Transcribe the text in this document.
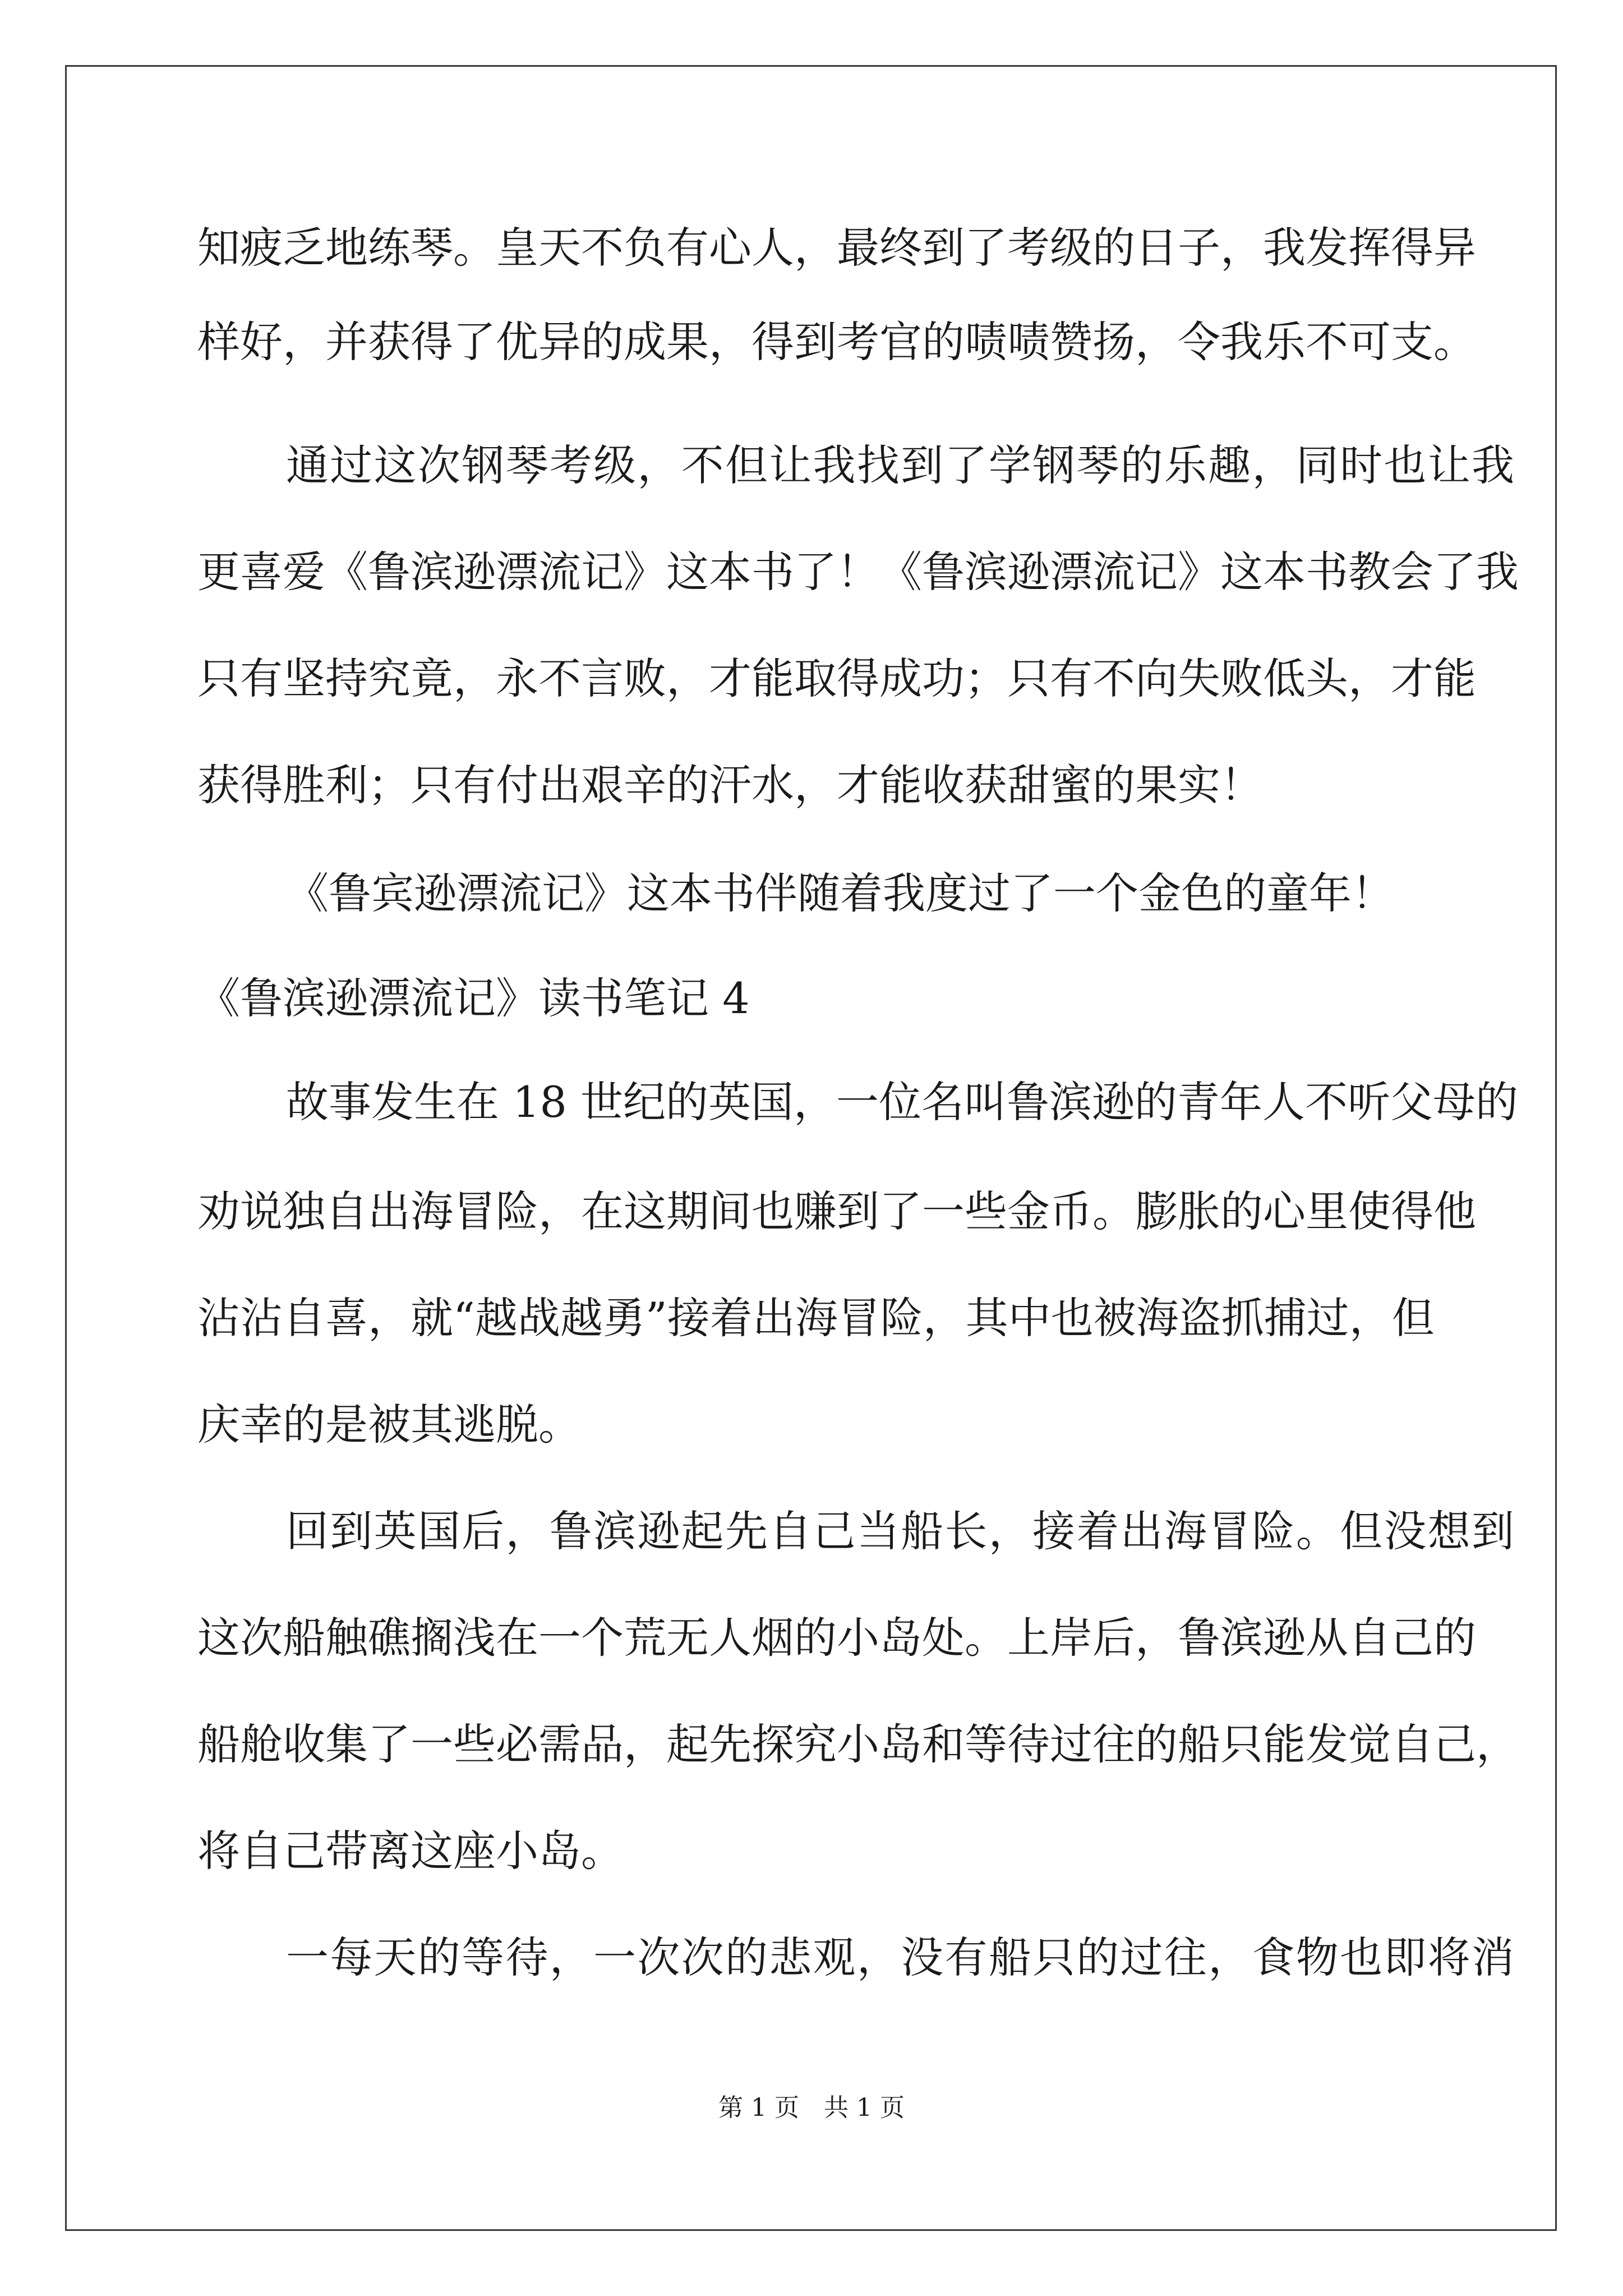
知疲乏地练琴。皇天不负有心人，最终到了考级的日子，我发挥得异
样好，并获得了优异的成果，得到考官的啧啧赞扬，令我乐不可支。
通过这次钢琴考级，不但让我找到了学钢琴的乐趣，同时也让我
更喜爱《鲁滨逊漂流记》这本书了！《鲁滨逊漂流记》这本书教会了我
只有坚持究竟，永不言败，才能取得成功；只有不向失败低头，才能
获得胜利；只有付出艰辛的汗水，才能收获甜蜜的果实！
《鲁宾逊漂流记》这本书伴随着我度过了一个金色的童年！
《鲁滨逊漂流记》读书笔记 4
故事发生在 18 世纪的英国，一位名叫鲁滨逊的青年人不听父母的
劝说独自出海冒险，在这期间也赚到了一些金币。膨胀的心里使得他
沾沾自喜，就“越战越勇”接着出海冒险，其中也被海盗抓捕过，但
庆幸的是被其逃脱。
回到英国后，鲁滨逊起先自己当船长，接着出海冒险。但没想到
这次船触礁搁浅在一个荒无人烟的小岛处。上岸后，鲁滨逊从自己的
船舱收集了一些必需品，起先探究小岛和等待过往的船只能发觉自己，
将自己带离这座小岛。
一每天的等待，一次次的悲观，没有船只的过往，食物也即将消
第 1 页　共 1 页
